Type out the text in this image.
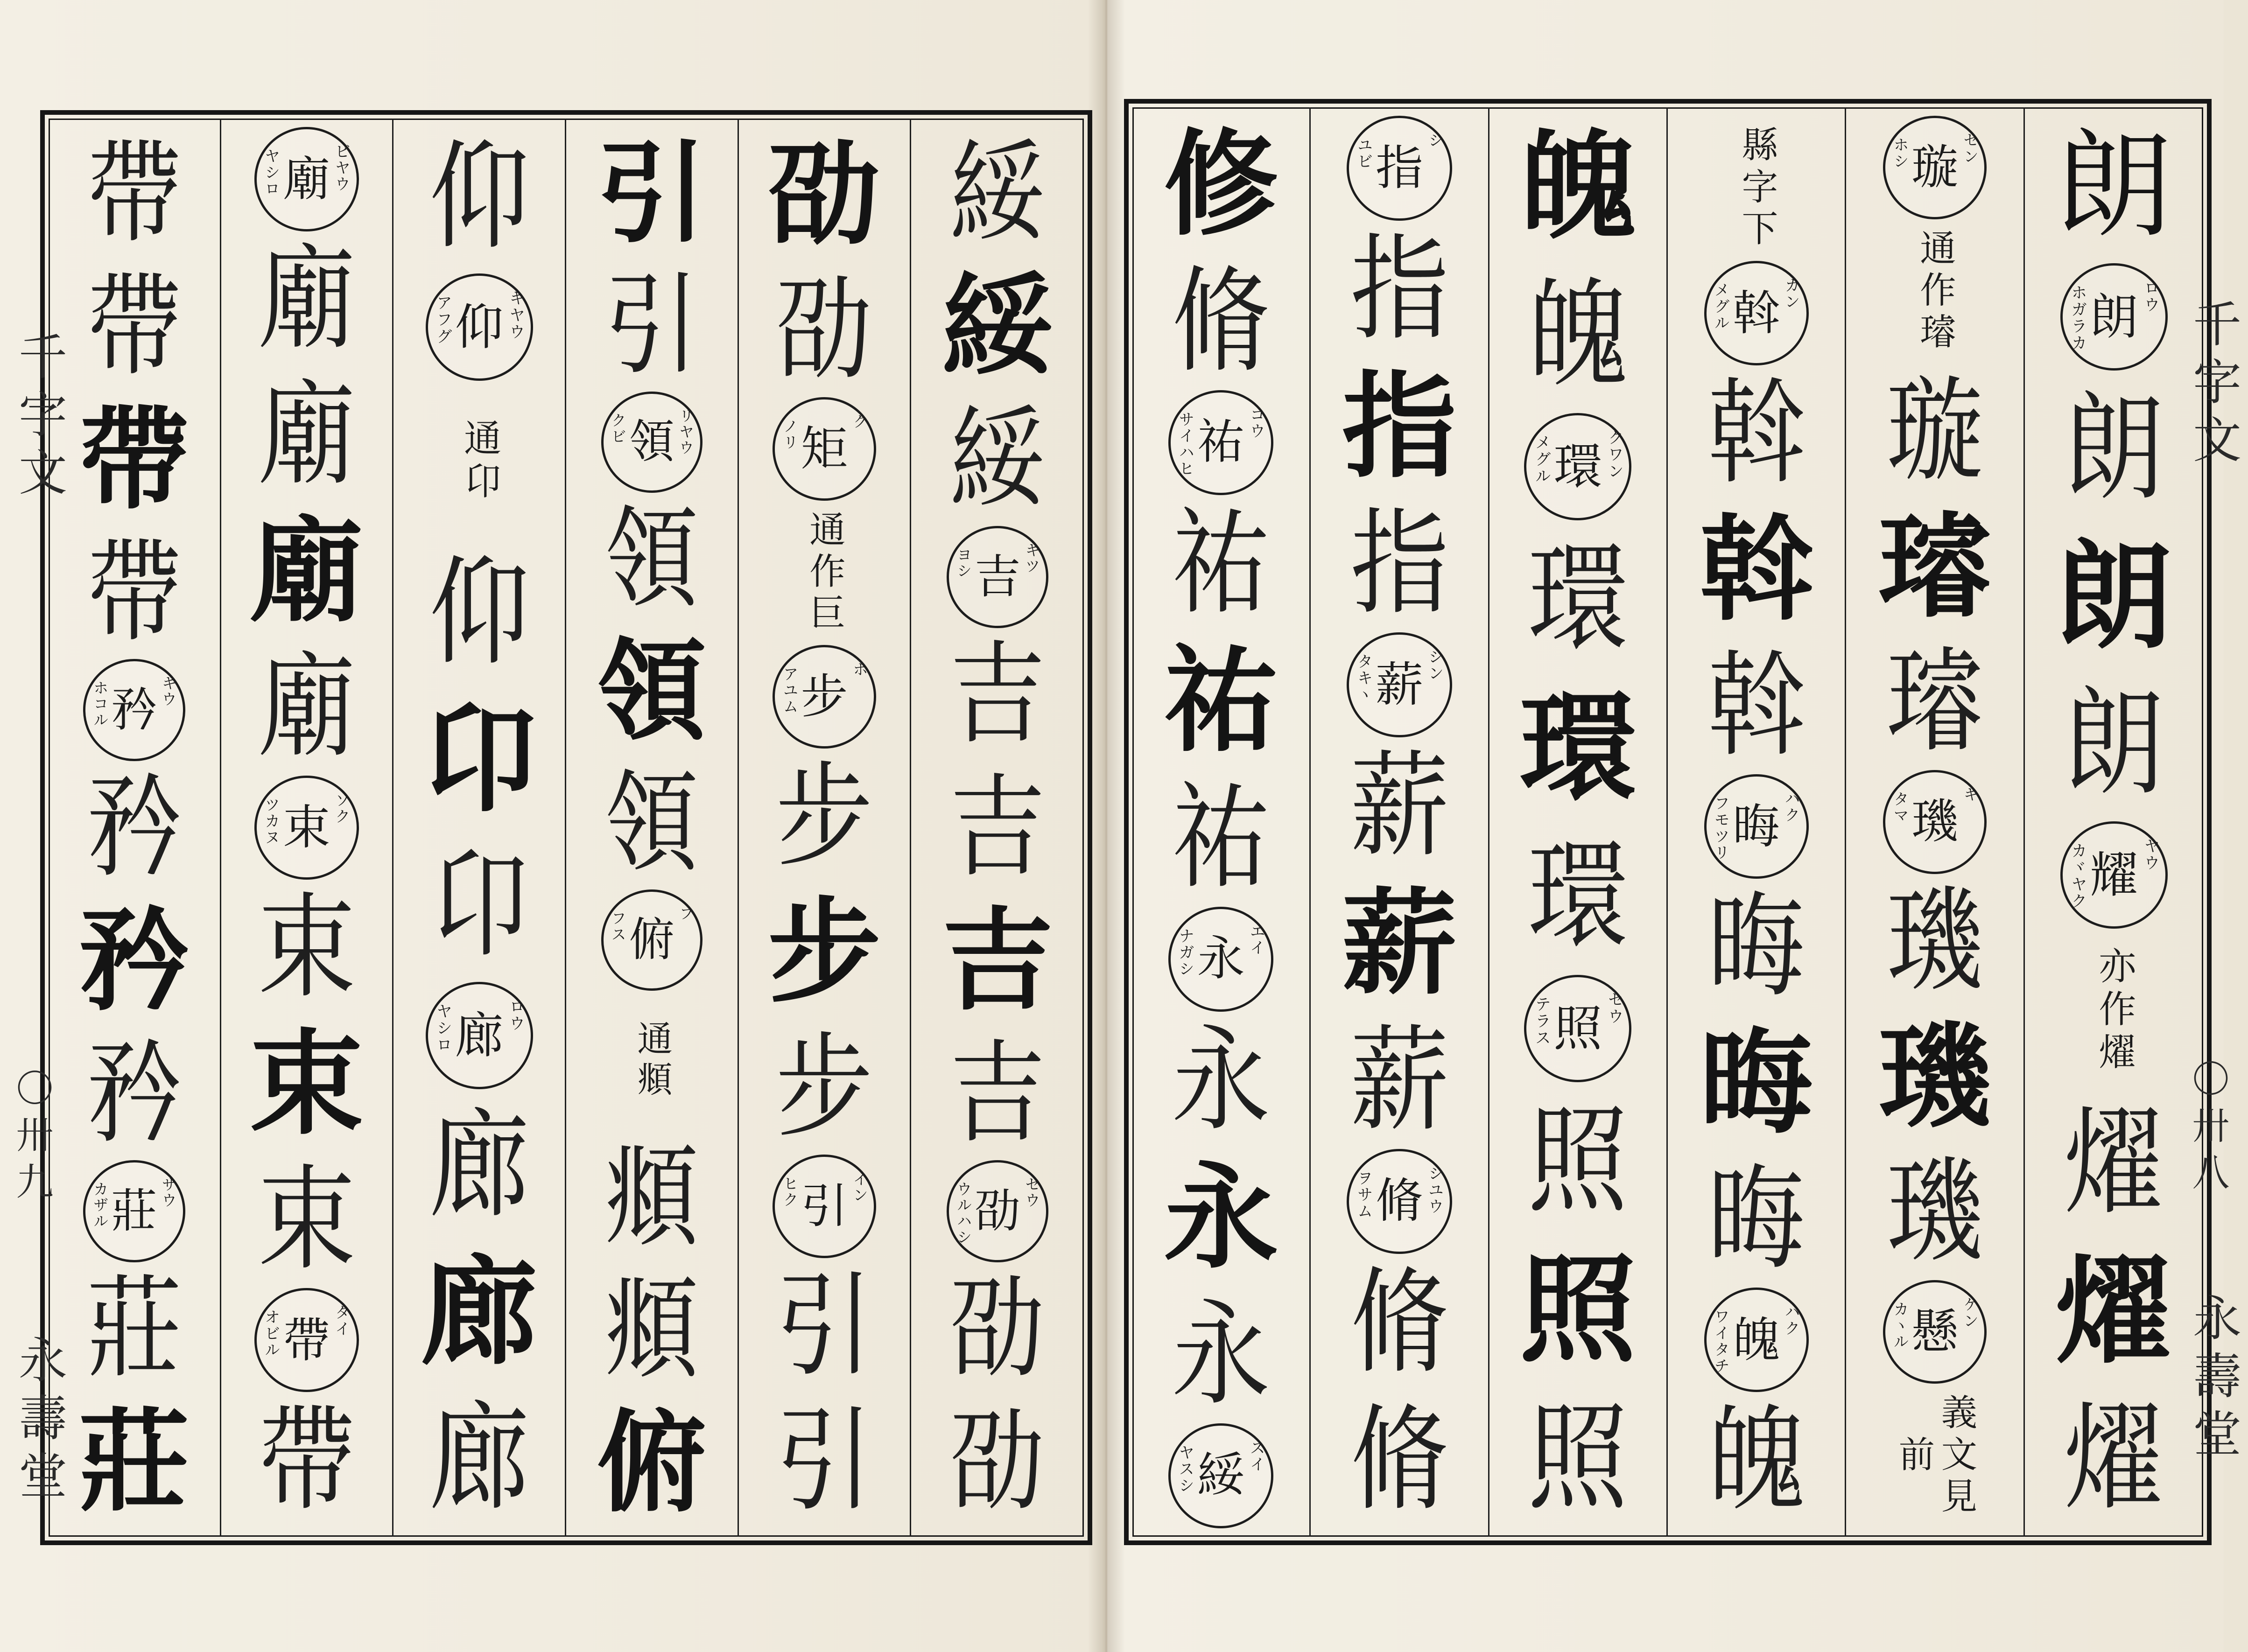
千字文
〇卅九
永壽堂
千字文
〇卅八
永壽堂
綏
綏
綏
吉 キツ
ヨシ
吉
吉
吉
吉
劭 セウ
ウルハシ
劭
劭
劭
劭
矩 ク
ノリ
通作巨
步 ホ
アユム
步
步
步
引 イン
ヒク
引
引
引
引
領 リヤウ
クビ
領
領
領
俯 フ
フス
通頫
頫
頫
俯
仰
仰 キヤウ
アフグ
通卬
仰
卬
卬
廊 ロウ
ヤシロ
廊
廊
廊
廟 ビヤウ
ヤシロ
廟
廟
廟
廟
束 ソク
ツカヌ
束
束
束
帶 タイ
オビル
帶
帶
帶
帶
帶
矜 キウ
ホコル
矜
矜
矜
莊 サウ
カザル
莊
莊
朗
朗 ロウ
ホガラカ
朗
朗
朗
耀 ヤウ
カヾヤク
亦作燿
燿
燿
燿
璇 セン
ホシ
通作璿
璇
璿
璿
璣 キ
タマ
璣
璣
璣
懸 ケン
カヽル
義文見前
縣字下
斡 カン
メグル
斡
斡
斡
晦 ハク
フモツリ
晦
晦
晦
魄 ハク
ワイタチ
魄
魄
魄
環 クワン
メグル
環
環
環
照 セウ
テラス
照
照
照
指 シ
ユビ
指
指
指
薪 シン
タキヽ
薪
薪
薪
脩 シユウ
ヲサム
脩
脩
修
脩
祐 コウ
サイハヒ
祐
祐
祐
永 エイ
ナガシ
永
永
永
綏 スイ
ヤスシ
